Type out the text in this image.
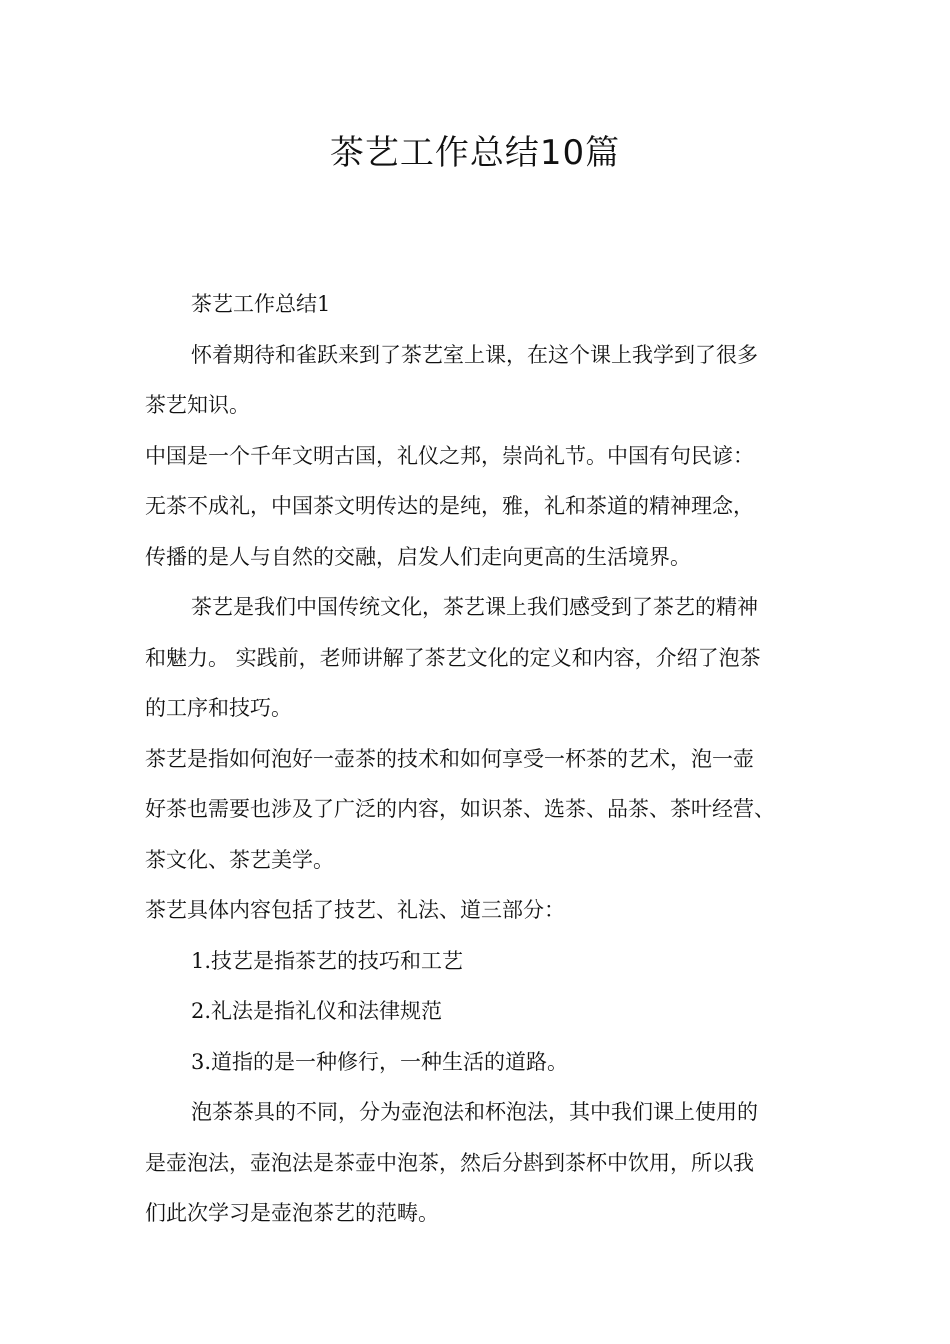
茶艺工作总结10篇

茶艺工作总结1

怀着期待和雀跃来到了茶艺室上课，在这个课上我学到了很多

茶艺知识。

中国是一个千年文明古国，礼仪之邦，崇尚礼节。中国有句民谚：

无茶不成礼，中国茶文明传达的是纯，雅，礼和茶道的精神理念，

传播的是人与自然的交融，启发人们走向更高的生活境界。

茶艺是我们中国传统文化，茶艺课上我们感受到了茶艺的精神

和魅力。 实践前，老师讲解了茶艺文化的定义和内容，介绍了泡茶

的工序和技巧。

茶艺是指如何泡好一壶茶的技术和如何享受一杯茶的艺术，泡一壶

好茶也需要也涉及了广泛的内容，如识茶、选茶、品茶、茶叶经营、

茶文化、茶艺美学。

茶艺具体内容包括了技艺、礼法、道三部分：

1.技艺是指茶艺的技巧和工艺

2.礼法是指礼仪和法律规范

3.道指的是一种修行，一种生活的道路。

泡茶茶具的不同，分为壶泡法和杯泡法，其中我们课上使用的

是壶泡法，壶泡法是茶壶中泡茶，然后分斟到茶杯中饮用，所以我

们此次学习是壶泡茶艺的范畴。
